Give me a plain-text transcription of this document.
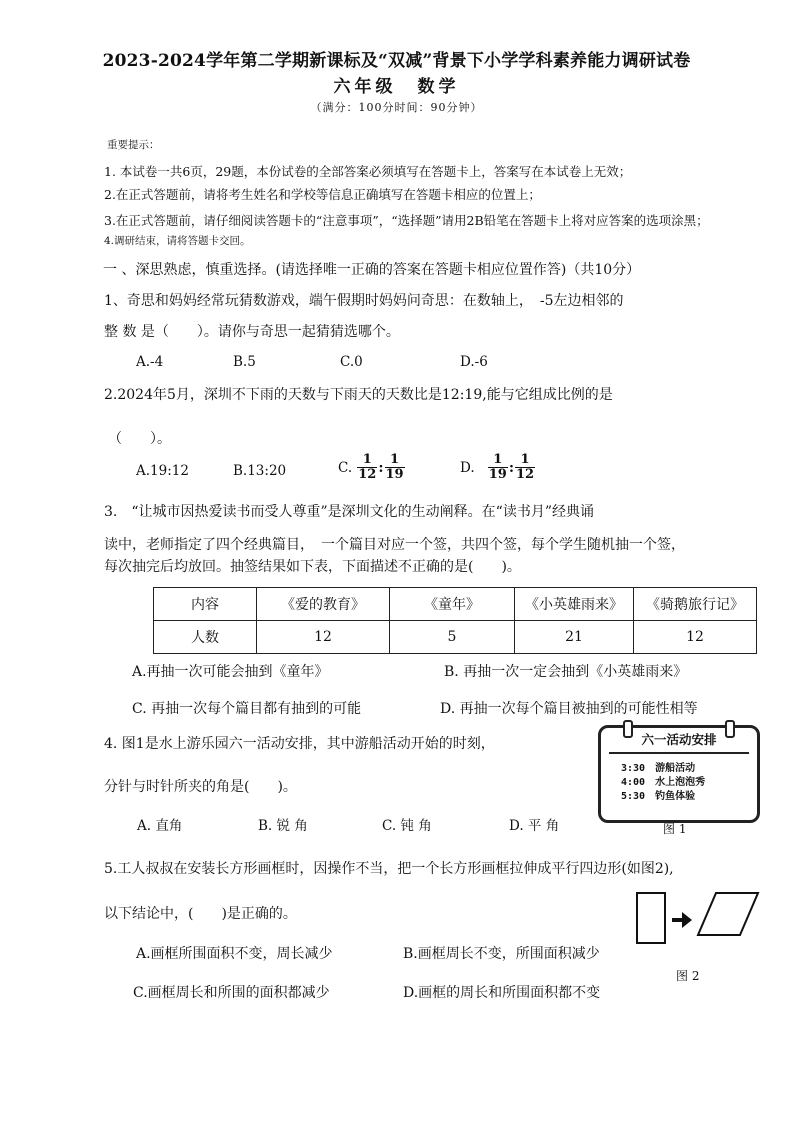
2023-2024学年第二学期新课标及“双减”背景下小学学科素养能力调研试卷
六年级　数学
（满分：100分时间：90分钟）
重要提示：
1. 本试卷一共6页，29题，本份试卷的全部答案必须填写在答题卡上，答案写在本试卷上无效；
2.在正式答题前，请将考生姓名和学校等信息正确填写在答题卡相应的位置上；
3.在正式答题前，请仔细阅读答题卡的“注意事项”，“选择题”请用2B铅笔在答题卡上将对应答案的选项涂黑；
4.调研结束，请将答题卡交回。
一 、深思熟虑，慎重选择。(请选择唯一正确的答案在答题卡相应位置作答)（共10分）
1、奇思和妈妈经常玩猜数游戏，端午假期时妈妈问奇思：在数轴上，　-5左边相邻的
整 数 是（　　）。请你与奇思一起猜猜选哪个。
A.-4	B.5	C.0	D.-6
2.2024年5月，深圳不下雨的天数与下雨天的天数比是12:19,能与它组成比例的是
（　　）。
A.19:12	B.13:20	C. $\frac{1}{12}$ : $\frac{1}{19}$	D. $\frac{1}{19}$ : $\frac{1}{12}$
3.　“让城市因热爱读书而受人尊重”是深圳文化的生动阐释。在“读书月”经典诵
读中，老师指定了四个经典篇目，　一个篇目对应一个签，共四个签，每个学生随机抽一个签，
每次抽完后均放回。抽签结果如下表，下面描述不正确的是(　　)。
内容	《爱的教育》	《童年》	《小英雄雨来》	《骑鹅旅行记》
人数	12	5	21	12
A.再抽一次可能会抽到《童年》	B. 再抽一次一定会抽到《小英雄雨来》
C. 再抽一次每个篇目都有抽到的可能	D. 再抽一次每个篇目被抽到的可能性相等
4. 图1是水上游乐园六一活动安排，其中游船活动开始的时刻，
分针与时针所夹的角是(　　)。
A. 直角	B. 锐 角	C. 钝 角	D. 平 角
六一活动安排
3:30　游船活动
4:00　水上泡泡秀
5:30　钓鱼体验
图 1
5.工人叔叔在安装长方形画框时，因操作不当，把一个长方形画框拉伸成平行四边形(如图2),
以下结论中，(　　)是正确的。
A.画框所围面积不变，周长减少	B.画框周长不变，所围面积减少
C.画框周长和所围的面积都减少	D.画框的周长和所围面积都不变
图 2
